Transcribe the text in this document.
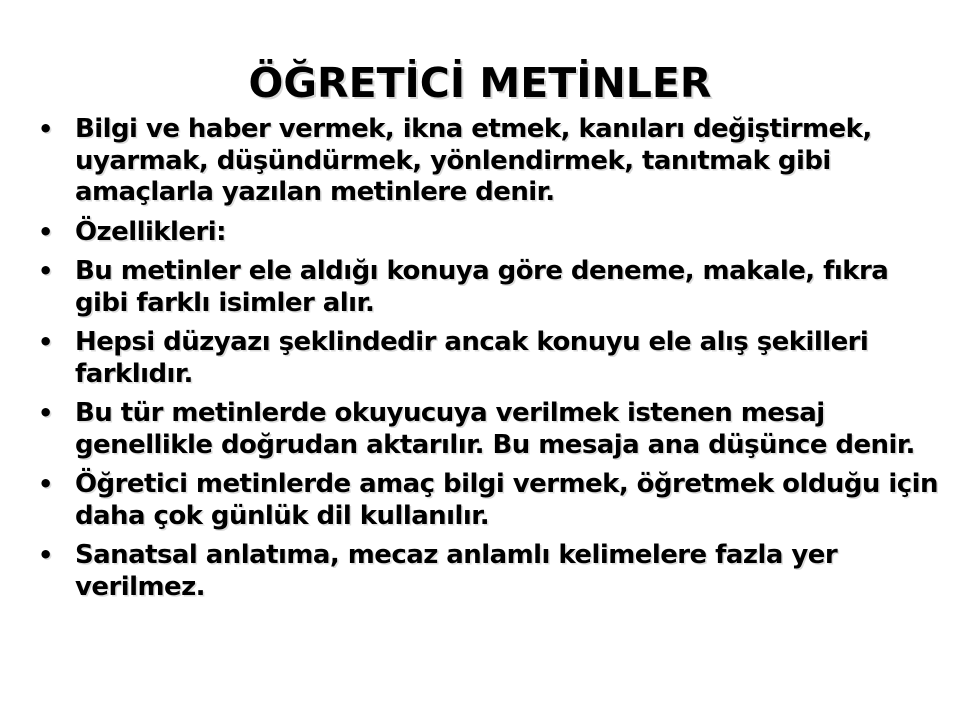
ÖĞRETİCİ METİNLER
• Bilgi ve haber vermek, ikna etmek, kanıları değiştirmek, uyarmak, düşündürmek, yönlendirmek, tanıtmak gibi amaçlarla yazılan metinlere denir.
• Özellikleri:
• Bu metinler ele aldığı konuya göre deneme, makale, fıkra gibi farklı isimler alır.
• Hepsi düzyazı şeklindedir ancak konuyu ele alış şekilleri farklıdır.
• Bu tür metinlerde okuyucuya verilmek istenen mesaj genellikle doğrudan aktarılır. Bu mesaja ana düşünce denir.
• Öğretici metinlerde amaç bilgi vermek, öğretmek olduğu için daha çok günlük dil kullanılır.
• Sanatsal anlatıma, mecaz anlamlı kelimelere fazla yer verilmez.
